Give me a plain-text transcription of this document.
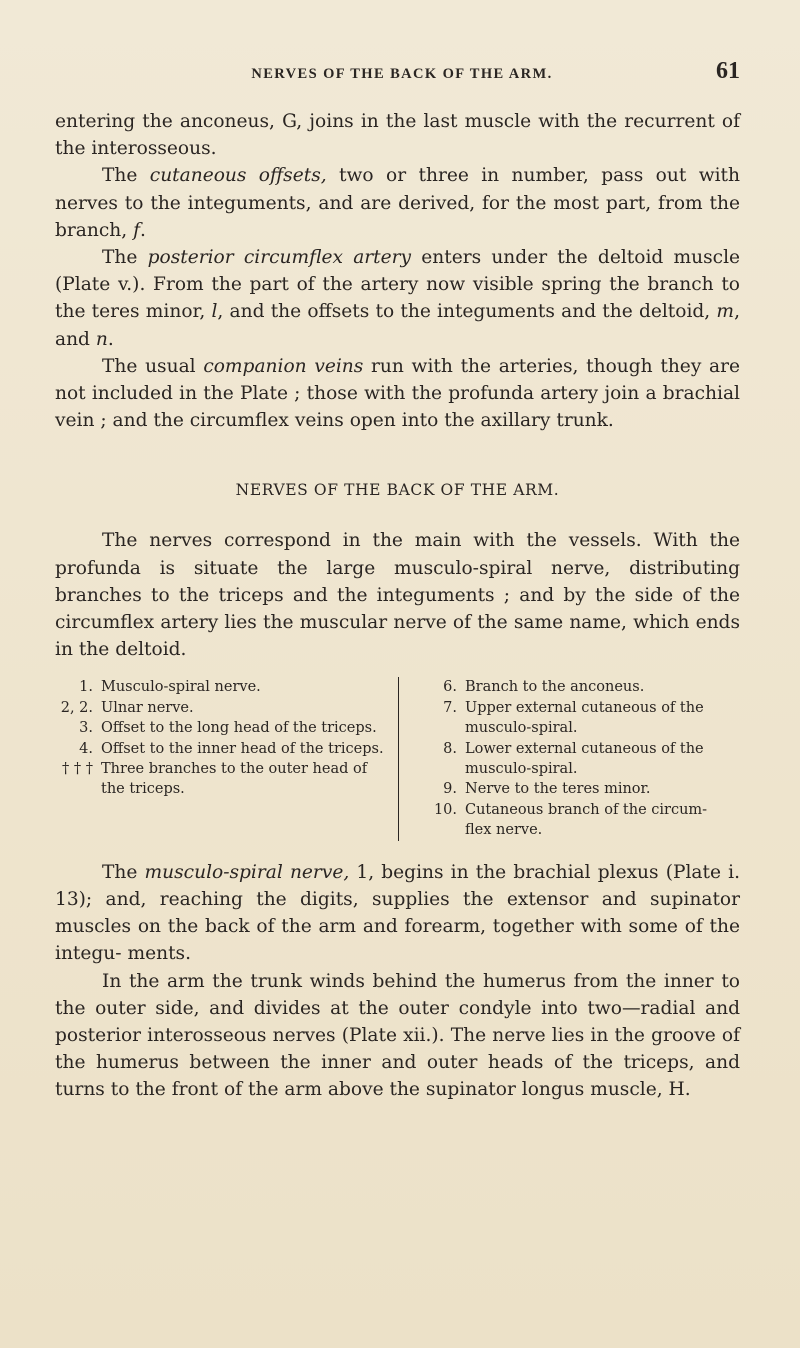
NERVES OF THE BACK OF THE ARM.	61

entering the anconeus, G, joins in the last muscle with the recurrent of the interosseous.

The cutaneous offsets, two or three in number, pass out with nerves to the integuments, and are derived, for the most part, from the branch, f.

The posterior circumflex artery enters under the deltoid muscle (Plate v.). From the part of the artery now visible spring the branch to the teres minor, l, and the offsets to the integuments and the deltoid, m, and n.

The usual companion veins run with the arteries, though they are not included in the Plate ; those with the profunda artery join a brachial vein ; and the circumflex veins open into the axillary trunk.

NERVES OF THE BACK OF THE ARM.

The nerves correspond in the main with the vessels. With the profunda is situate the large musculo-spiral nerve, distributing branches to the triceps and the integuments ; and by the side of the circumflex artery lies the muscular nerve of the same name, which ends in the deltoid.

1. Musculo-spiral nerve.
2, 2. Ulnar nerve.
3. Offset to the long head of the triceps.
4. Offset to the inner head of the triceps.
† † † Three branches to the outer head of the triceps.
6. Branch to the anconeus.
7. Upper external cutaneous of the musculo-spiral.
8. Lower external cutaneous of the musculo-spiral.
9. Nerve to the teres minor.
10. Cutaneous branch of the circum- flex nerve.

The musculo-spiral nerve, 1, begins in the brachial plexus (Plate i. 13); and, reaching the digits, supplies the extensor and supinator muscles on the back of the arm and forearm, together with some of the integu- ments.

In the arm the trunk winds behind the humerus from the inner to the outer side, and divides at the outer condyle into two—radial and posterior interosseous nerves (Plate xii.). The nerve lies in the groove of the humerus between the inner and outer heads of the triceps, and turns to the front of the arm above the supinator longus muscle, H.
